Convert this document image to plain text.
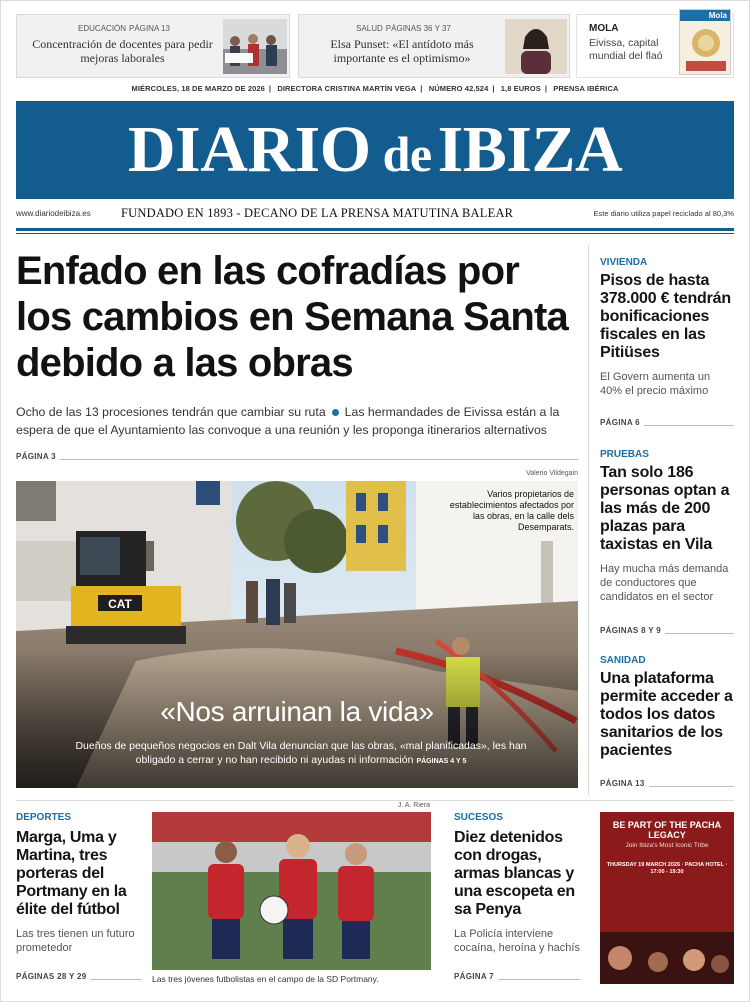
EDUCACIÓN PÁGINA 13
Concentración de docentes para pedir mejoras laborales
SALUD PÁGINAS 36 Y 37
Elsa Punset: «El antídoto más importante es el optimismo»
MOLA
Eivissa, capital mundial del flaó
Mola
MIÉRCOLES, 18 DE MARZO DE 2026 | DIRECTORA CRISTINA MARTÍN VEGA | NÚMERO 42.524 | 1,8 EUROS | PRENSA IBÉRICA
DIARIO deIBIZA
www.diariodeibiza.es FUNDADO EN 1893 - DECANO DE LA PRENSA MATUTINA BALEAR	Este diario utiliza papel reciclado al 80,3%
Enfado en las cofradías por los cambios en Semana Santa debido a las obras
Ocho de las 13 procesiones tendrán que cambiar su ruta Las hermandades de Eivissa están a la espera de que el Ayuntamiento las convoque a una reunión y les proponga itinerarios alternativos
PÁGINA 3
Valerio Vildegain
CAT
Varios propietarios de establecimientos afectados por las obras, en la calle dels Desemparats.
«Nos arruinan la vida»
Dueños de pequeños negocios en Dalt Vila denuncian que las obras, «mal planificadas», les han obligado a cerrar y no han recibido ni ayudas ni información PÁGINAS 4 Y 5
VIVIENDA
Pisos de hasta 378.000 € tendrán bonificaciones fiscales en las Pitiüses
El Govern aumenta un 40% el precio máximo
PÁGINA 6
PRUEBAS
Tan solo 186 personas optan a las más de 200 plazas para taxistas en Vila
Hay mucha más demanda de conductores que candidatos en el sector
PÁGINAS 8 Y 9
SANIDAD
Una plataforma permite acceder a todos los datos sanitarios de los pacientes
PÁGINA 13
DEPORTES
Marga, Uma y Martina, tres porteras del Portmany en la élite del fútbol
Las tres tienen un futuro prometedor
PÁGINAS 28 Y 29
J. A. Riera
Las tres jóvenes futbolistas en el campo de la SD Portmany.
SUCESOS
Diez detenidos con drogas, armas blancas y una escopeta en sa Penya
La Policía interviene cocaína, heroína y hachís
PÁGINA 7
BE PART OF THE PACHA LEGACY
Join Ibiza's Most Iconic Tribe
THURSDAY 19 MARCH 2026 · PACHA HOTEL · 17:00 - 19:30
